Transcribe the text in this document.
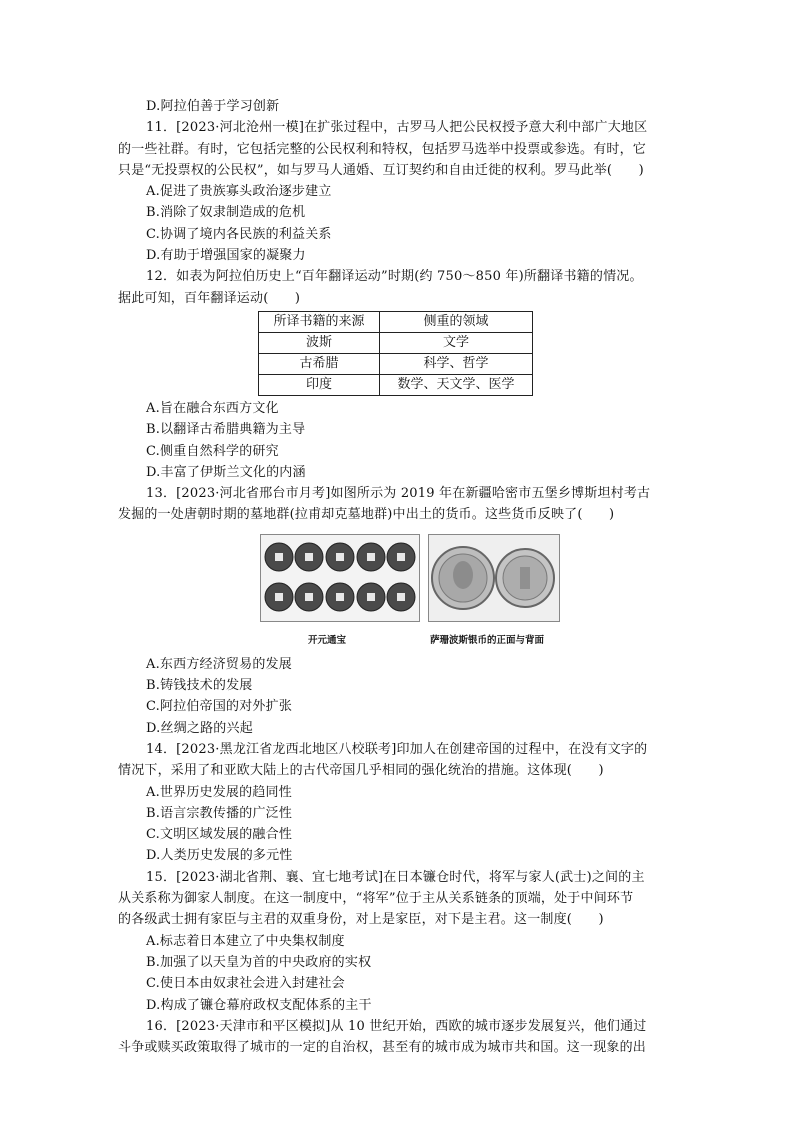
D.阿拉伯善于学习创新
11．[2023·河北沧州一模]在扩张过程中，古罗马人把公民权授予意大利中部广大地区
的一些社群。有时，它包括完整的公民权利和特权，包括罗马选举中投票或参选。有时，它
只是“无投票权的公民权”，如与罗马人通婚、互订契约和自由迁徙的权利。罗马此举(　　)
A.促进了贵族寡头政治逐步建立
B.消除了奴隶制造成的危机
C.协调了境内各民族的利益关系
D.有助于增强国家的凝聚力
12．如表为阿拉伯历史上“百年翻译运动”时期(约 750～850 年)所翻译书籍的情况。
据此可知，百年翻译运动(　　)
所译书籍的来源	侧重的领域
波斯	文学
古希腊	科学、哲学
印度	数学、天文学、医学
A.旨在融合东西方文化
B.以翻译古希腊典籍为主导
C.侧重自然科学的研究
D.丰富了伊斯兰文化的内涵
13．[2023·河北省邢台市月考]如图所示为 2019 年在新疆哈密市五堡乡博斯坦村考古
发掘的一处唐朝时期的墓地群(拉甫却克墓地群)中出土的货币。这些货币反映了(　　)
开元通宝	萨珊波斯银币的正面与背面
A.东西方经济贸易的发展
B.铸钱技术的发展
C.阿拉伯帝国的对外扩张
D.丝绸之路的兴起
14．[2023·黑龙江省龙西北地区八校联考]印加人在创建帝国的过程中，在没有文字的
情况下，采用了和亚欧大陆上的古代帝国几乎相同的强化统治的措施。这体现(　　)
A.世界历史发展的趋同性
B.语言宗教传播的广泛性
C.文明区域发展的融合性
D.人类历史发展的多元性
15．[2023·湖北省荆、襄、宜七地考试]在日本镰仓时代，将军与家人(武士)之间的主
从关系称为御家人制度。在这一制度中，“将军”位于主从关系链条的顶端，处于中间环节
的各级武士拥有家臣与主君的双重身份，对上是家臣，对下是主君。这一制度(　　)
A.标志着日本建立了中央集权制度
B.加强了以天皇为首的中央政府的实权
C.使日本由奴隶社会进入封建社会
D.构成了镰仓幕府政权支配体系的主干
16．[2023·天津市和平区模拟]从 10 世纪开始，西欧的城市逐步发展复兴，他们通过
斗争或赎买政策取得了城市的一定的自治权，甚至有的城市成为城市共和国。这一现象的出
